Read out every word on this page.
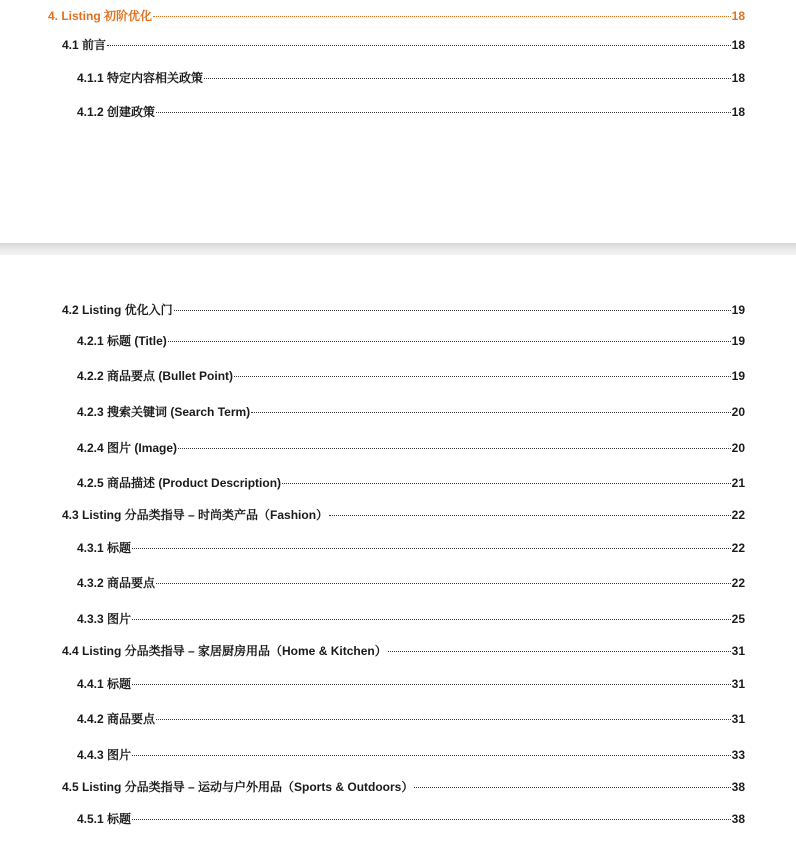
4. Listing 初阶优化	18
4.1 前言	18
4.1.1 特定内容相关政策	18
4.1.2 创建政策	18
4.2 Listing 优化入门	19
4.2.1 标题 (Title)	19
4.2.2 商品要点 (Bullet Point)	19
4.2.3 搜索关键词 (Search Term)	20
4.2.4 图片 (Image)	20
4.2.5 商品描述 (Product Description)	21
4.3 Listing 分品类指导 – 时尚类产品（Fashion）	22
4.3.1 标题	22
4.3.2 商品要点	22
4.3.3 图片	25
4.4 Listing 分品类指导 – 家居厨房用品（Home & Kitchen）	31
4.4.1 标题	31
4.4.2 商品要点	31
4.4.3 图片	33
4.5 Listing 分品类指导 – 运动与户外用品（Sports & Outdoors）	38
4.5.1 标题	38
